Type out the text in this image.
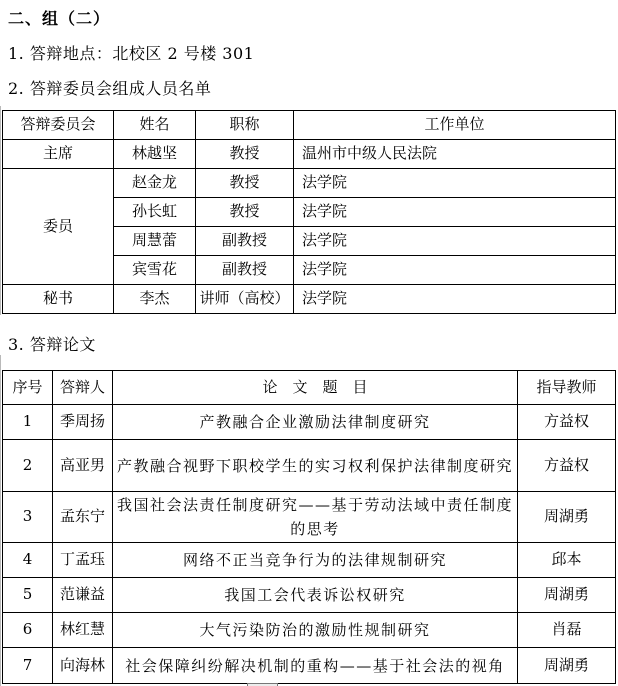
二、组（二）
1. 答辩地点：北校区 2 号楼 301
2. 答辩委员会组成人员名单
答辩委员会	姓名	职称	工作单位
主席	林越坚	教授	温州市中级人民法院
委员	赵金龙	教授	法学院
	孙长虹	教授	法学院
	周慧蕾	副教授	法学院
	宾雪花	副教授	法学院
秘书	李杰	讲师（高校）	法学院
3. 答辩论文
序号	答辩人	论　文　题　目	指导教师
1	季周扬	产教融合企业激励法律制度研究	方益权
2	高亚男	产教融合视野下职校学生的实习权利保护法律制度研究	方益权
3	孟东宁	我国社会法责任制度研究——基于劳动法域中责任制度的思考	周湖勇
4	丁孟珏	网络不正当竞争行为的法律规制研究	邱本
5	范谦益	我国工会代表诉讼权研究	周湖勇
6	林红慧	大气污染防治的激励性规制研究	肖磊
7	向海林	社会保障纠纷解决机制的重构——基于社会法的视角	周湖勇
